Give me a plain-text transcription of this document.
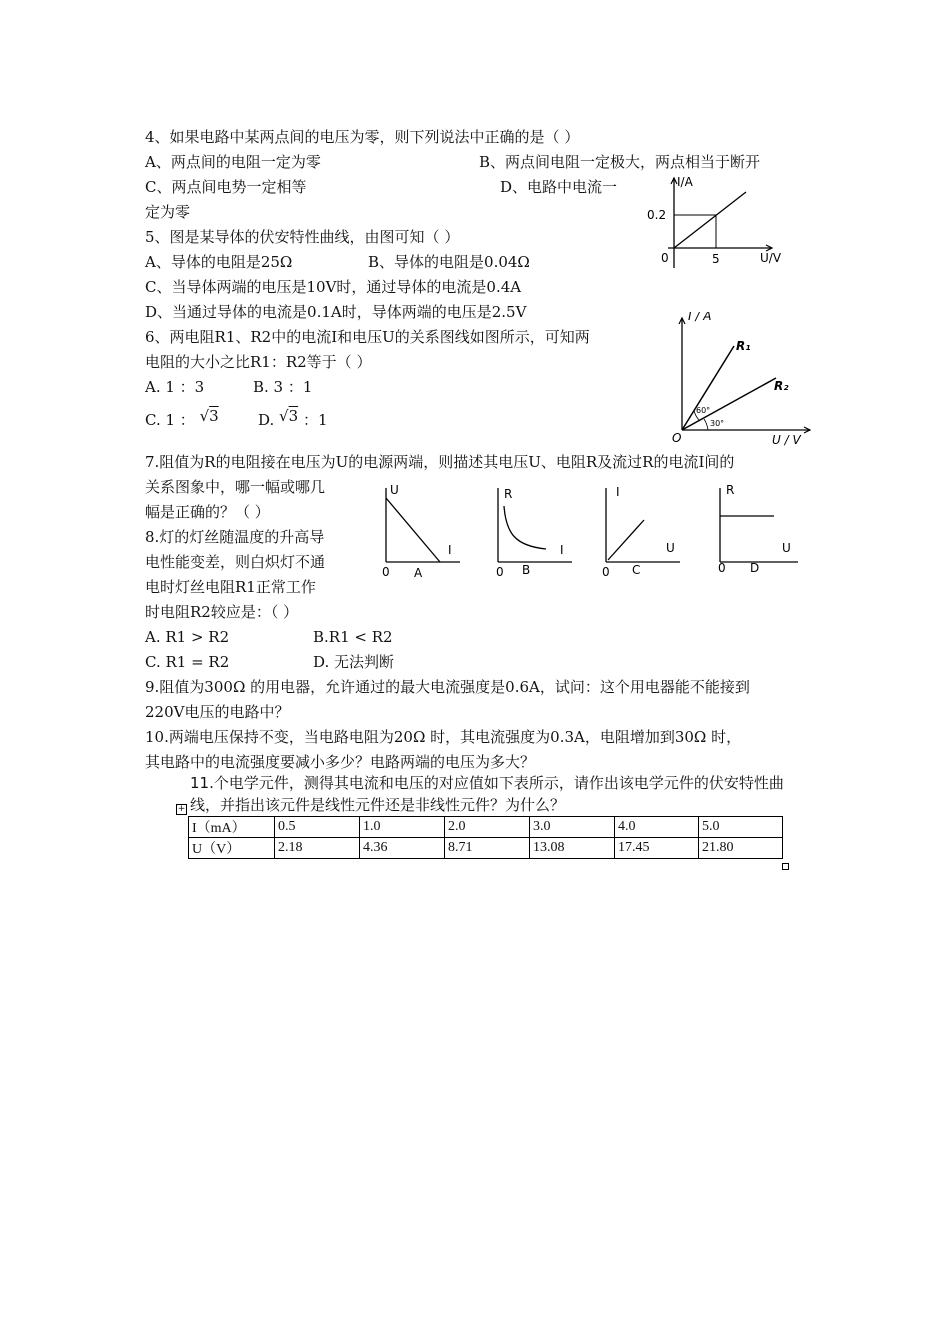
4、如果电路中某两点间的电压为零，则下列说法中正确的是（ ）
A、两点间的电阻一定为零	B、两点间电阻一定极大，两点相当于断开
C、两点间电势一定相等	D、电路中电流一
定为零
5、图是某导体的伏安特性曲线，由图可知（ ）
A、导体的电阻是25Ω	B、导体的电阻是0.04Ω
C、当导体两端的电压是10V时，通过导体的电流是0.4A
D、当通过导体的电流是0.1A时，导体两端的电压是2.5V
I/A
U/V
0
0.2
5
6、两电阻R1、R2中的电流I和电压U的关系图线如图所示，可知两
电阻的大小之比R1：R2等于（ ）
A. 1 ：3	B. 3 ：1
C. 1 ： √3	D. √3 ：1
I / A
U / V
O
R₁
R₂
60°
30°
7.阻值为R的电阻接在电压为U的电源两端，则描述其电压U、电阻R及流过R的电流I间的
关系图象中，哪一幅或哪几
幅是正确的？（ ）
U
I
0 A
R
I
0 B
I
U
0 C
R
U
0 D
8.灯的灯丝随温度的升高导
电性能变差，则白炽灯不通
电时灯丝电阻R1正常工作
时电阻R2较应是：（ ）
A. R1 > R2	B.R1 < R2
C. R1 = R2	D. 无法判断
9.阻值为300Ω 的用电器，允许通过的最大电流强度是0.6A，试问：这个用电器能不能接到
220V电压的电路中？
10.两端电压保持不变，当电路电阻为20Ω 时，其电流强度为0.3A，电阻增加到30Ω 时，
其电路中的电流强度要减小多少？电路两端的电压为多大？
11.个电学元件，测得其电流和电压的对应值如下表所示，请作出该电学元件的伏安特性曲
线，并指出该元件是线性元件还是非线性元件？为什么？
+
I（mA）	0.5	1.0	2.0	3.0	4.0	5.0
U（V）	2.18	4.36	8.71	13.08	17.45	21.80
